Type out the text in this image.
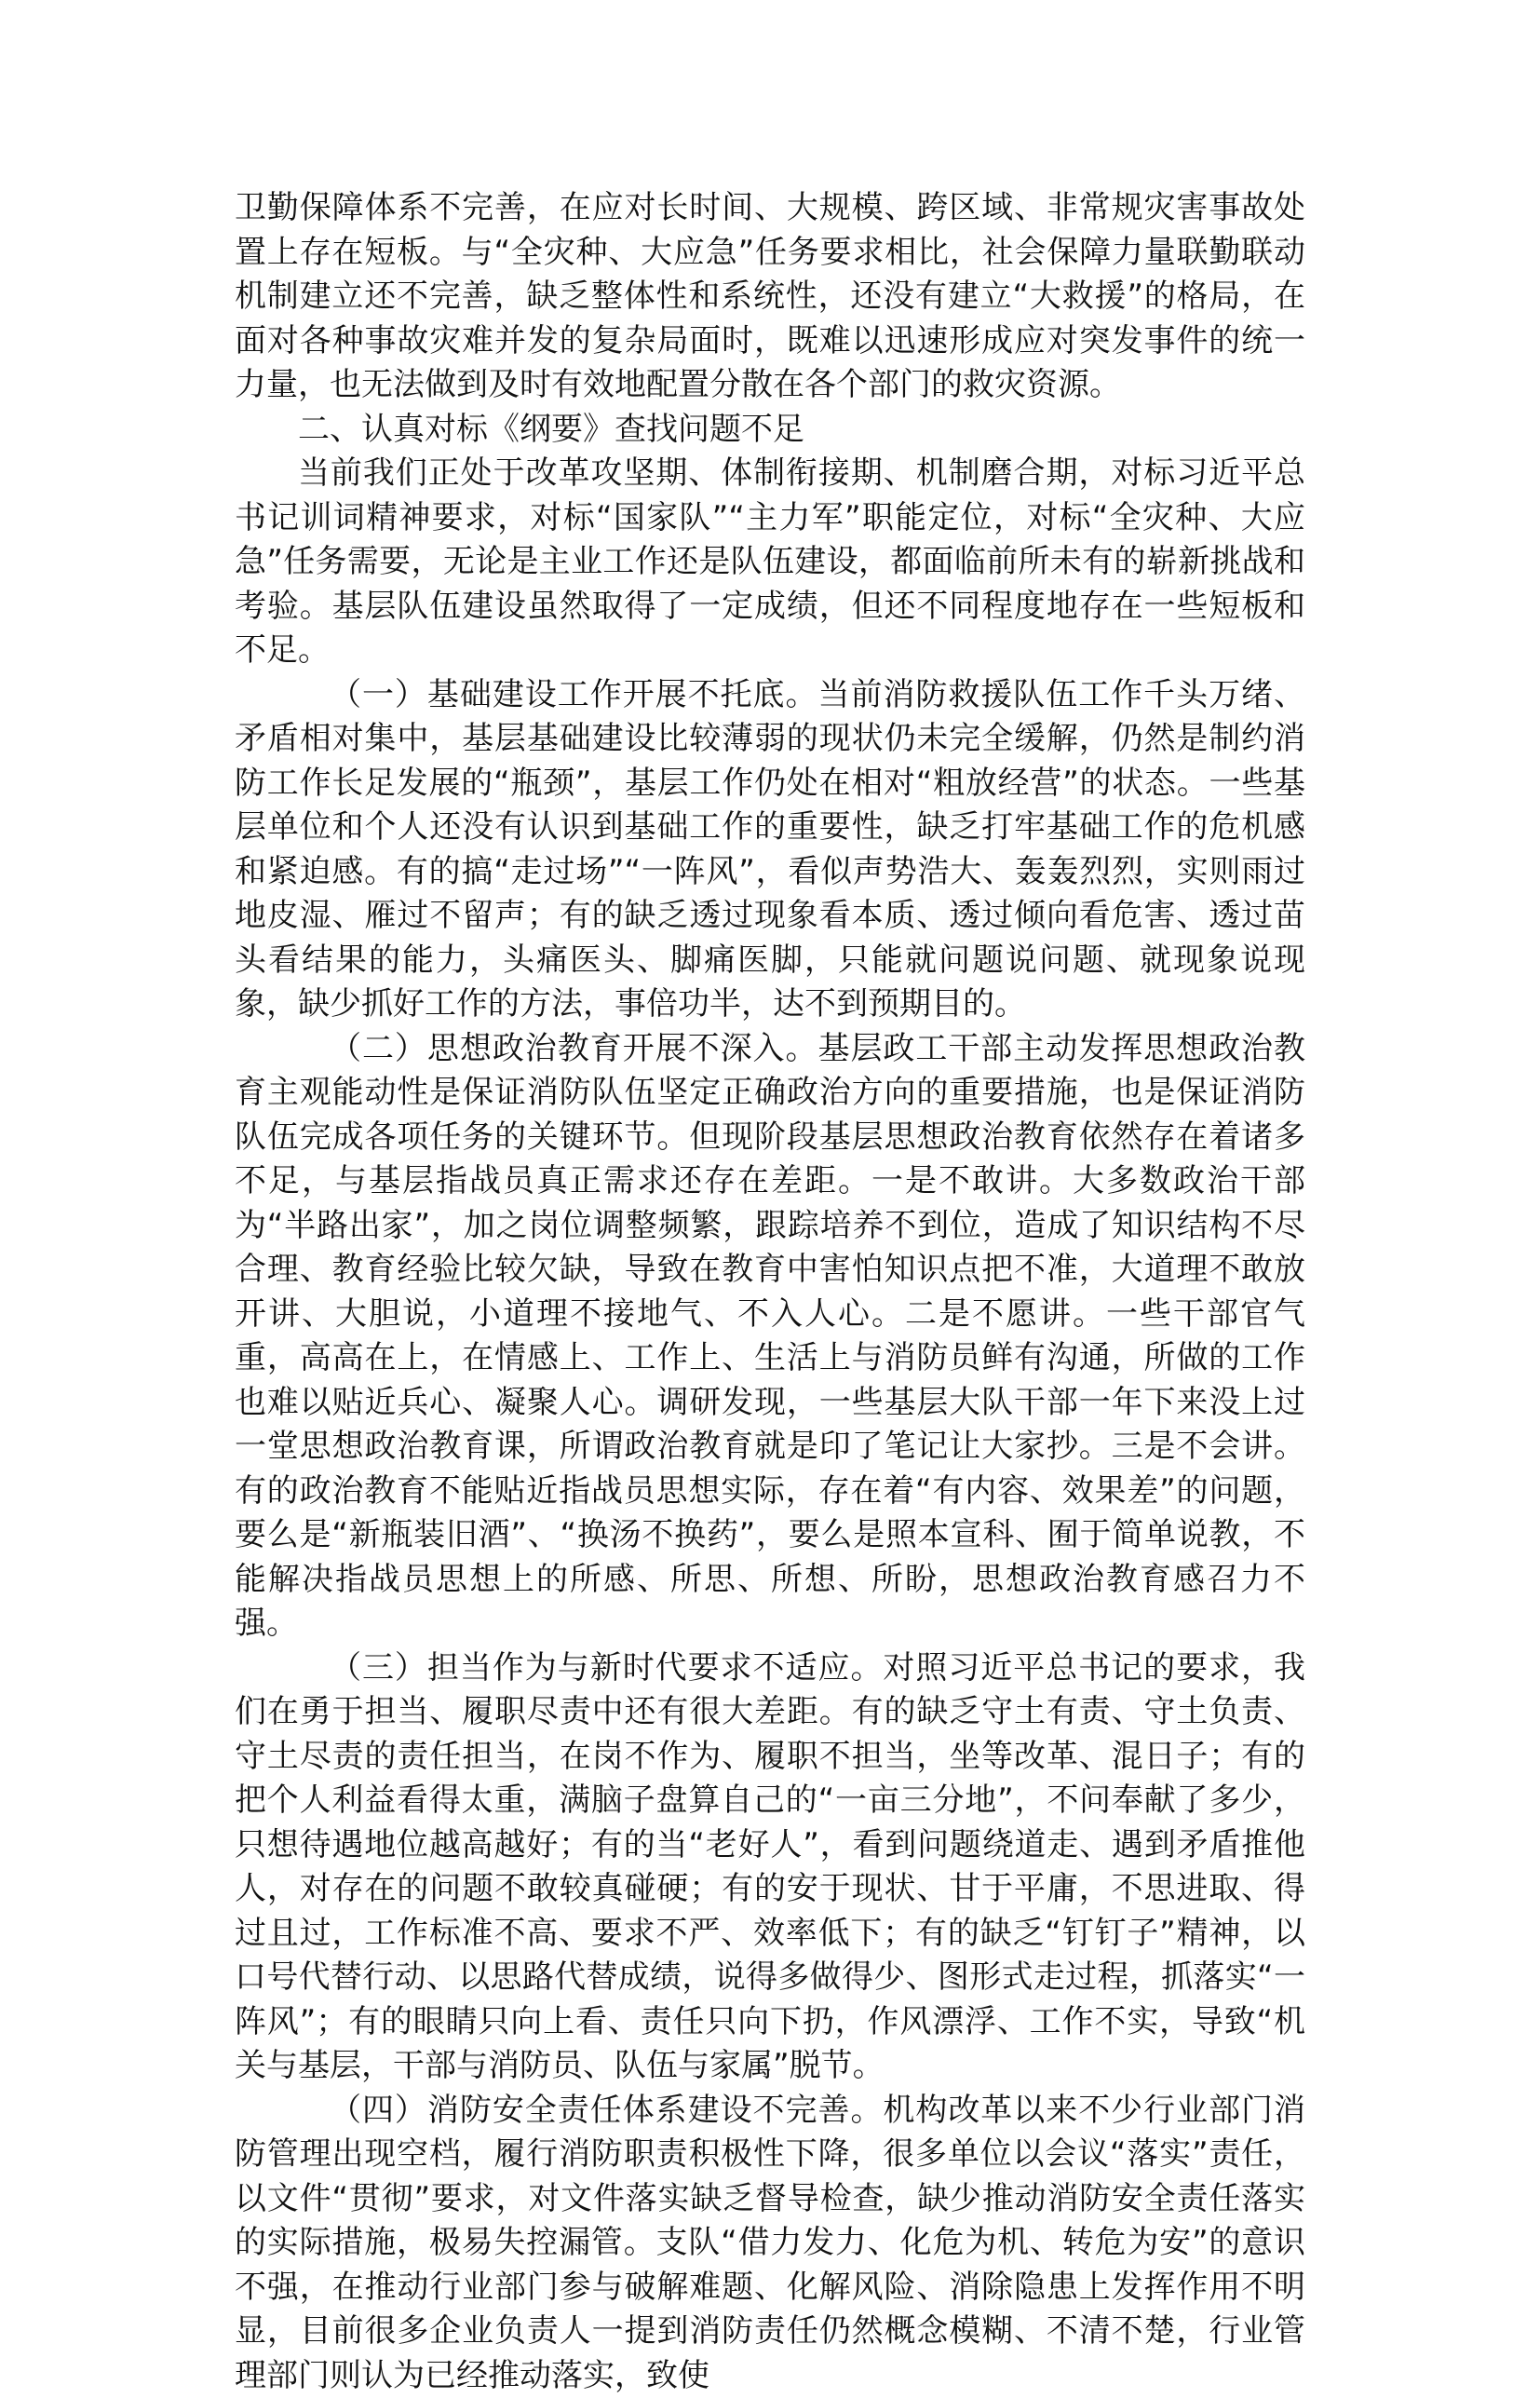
卫勤保障体系不完善，在应对长时间、大规模、跨区域、非常规灾害事故处置上存在短板。与“全灾种、大应急”任务要求相比，社会保障力量联勤联动机制建立还不完善，缺乏整体性和系统性，还没有建立“大救援”的格局，在面对各种事故灾难并发的复杂局面时，既难以迅速形成应对突发事件的统一力量，也无法做到及时有效地配置分散在各个部门的救灾资源。

二、认真对标《纲要》查找问题不足

当前我们正处于改革攻坚期、体制衔接期、机制磨合期，对标习近平总书记训词精神要求，对标“国家队”“主力军”职能定位，对标“全灾种、大应急”任务需要，无论是主业工作还是队伍建设，都面临前所未有的崭新挑战和考验。基层队伍建设虽然取得了一定成绩，但还不同程度地存在一些短板和不足。

（一）基础建设工作开展不托底。当前消防救援队伍工作千头万绪、矛盾相对集中，基层基础建设比较薄弱的现状仍未完全缓解，仍然是制约消防工作长足发展的“瓶颈”，基层工作仍处在相对“粗放经营”的状态。一些基层单位和个人还没有认识到基础工作的重要性，缺乏打牢基础工作的危机感和紧迫感。有的搞“走过场”“一阵风”，看似声势浩大、轰轰烈烈，实则雨过地皮湿、雁过不留声；有的缺乏透过现象看本质、透过倾向看危害、透过苗头看结果的能力，头痛医头、脚痛医脚，只能就问题说问题、就现象说现象，缺少抓好工作的方法，事倍功半，达不到预期目的。

（二）思想政治教育开展不深入。基层政工干部主动发挥思想政治教育主观能动性是保证消防队伍坚定正确政治方向的重要措施，也是保证消防队伍完成各项任务的关键环节。但现阶段基层思想政治教育依然存在着诸多不足，与基层指战员真正需求还存在差距。一是不敢讲。大多数政治干部为“半路出家”，加之岗位调整频繁，跟踪培养不到位，造成了知识结构不尽合理、教育经验比较欠缺，导致在教育中害怕知识点把不准，大道理不敢放开讲、大胆说，小道理不接地气、不入人心。二是不愿讲。一些干部官气重，高高在上，在情感上、工作上、生活上与消防员鲜有沟通，所做的工作也难以贴近兵心、凝聚人心。调研发现，一些基层大队干部一年下来没上过一堂思想政治教育课，所谓政治教育就是印了笔记让大家抄。三是不会讲。有的政治教育不能贴近指战员思想实际，存在着“有内容、效果差”的问题，要么是“新瓶装旧酒”、“换汤不换药”，要么是照本宣科、囿于简单说教，不能解决指战员思想上的所感、所思、所想、所盼，思想政治教育感召力不强。

（三）担当作为与新时代要求不适应。对照习近平总书记的要求，我们在勇于担当、履职尽责中还有很大差距。有的缺乏守土有责、守土负责、守土尽责的责任担当，在岗不作为、履职不担当，坐等改革、混日子；有的把个人利益看得太重，满脑子盘算自己的“一亩三分地”，不问奉献了多少，只想待遇地位越高越好；有的当“老好人”，看到问题绕道走、遇到矛盾推他人，对存在的问题不敢较真碰硬；有的安于现状、甘于平庸，不思进取、得过且过，工作标准不高、要求不严、效率低下；有的缺乏“钉钉子”精神，以口号代替行动、以思路代替成绩，说得多做得少、图形式走过程，抓落实“一阵风”；有的眼睛只向上看、责任只向下扔，作风漂浮、工作不实，导致“机关与基层，干部与消防员、队伍与家属”脱节。

（四）消防安全责任体系建设不完善。机构改革以来不少行业部门消防管理出现空档，履行消防职责积极性下降，很多单位以会议“落实”责任，以文件“贯彻”要求，对文件落实缺乏督导检查，缺少推动消防安全责任落实的实际措施，极易失控漏管。支队“借力发力、化危为机、转危为安”的意识不强，在推动行业部门参与破解难题、化解风险、消除隐患上发挥作用不明显，目前很多企业负责人一提到消防责任仍然概念模糊、不清不楚，行业管理部门则认为已经推动落实，致使
